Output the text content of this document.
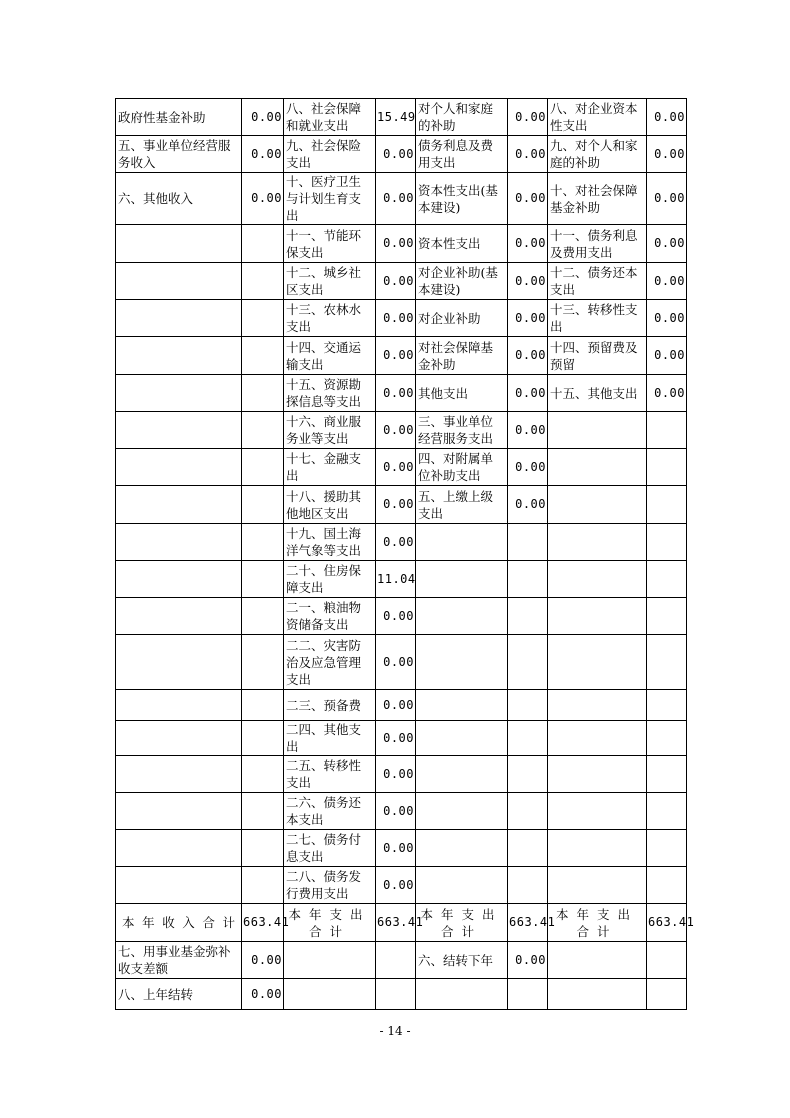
政府性基金补助	0.00	八、社会保障和就业支出	15.49	对个人和家庭的补助	0.00	八、对企业资本性支出	0.00
五、事业单位经营服务收入	0.00	九、社会保险支出	0.00	债务利息及费用支出	0.00	九、对个人和家庭的补助	0.00
六、其他收入	0.00	十、医疗卫生与计划生育支出	0.00	资本性支出(基本建设)	0.00	十、对社会保障基金补助	0.00
		十一、节能环保支出	0.00	资本性支出	0.00	十一、债务利息及费用支出	0.00
		十二、城乡社区支出	0.00	对企业补助(基本建设)	0.00	十二、债务还本支出	0.00
		十三、农林水支出	0.00	对企业补助	0.00	十三、转移性支出	0.00
		十四、交通运输支出	0.00	对社会保障基金补助	0.00	十四、预留费及预留	0.00
		十五、资源勘探信息等支出	0.00	其他支出	0.00	十五、其他支出	0.00
		十六、商业服务业等支出	0.00	三、事业单位经营服务支出	0.00		
		十七、金融支出	0.00	四、对附属单位补助支出	0.00		
		十八、援助其他地区支出	0.00	五、上缴上级支出	0.00		
		十九、国土海洋气象等支出	0.00				
		二十、住房保障支出	11.04				
		二一、粮油物资储备支出	0.00				
		二二、灾害防治及应急管理支出	0.00				
		二三、预备费	0.00				
		二四、其他支出	0.00				
		二五、转移性支出	0.00				
		二六、债务还本支出	0.00				
		二七、债务付息支出	0.00				
		二八、债务发行费用支出	0.00				
本年收入合计	663.41	本年支出合计	663.41	本年支出合计	663.41	本年支出合计	663.41
七、用事业基金弥补收支差额	0.00			六、结转下年	0.00		
八、上年结转	0.00						
- 14 -
